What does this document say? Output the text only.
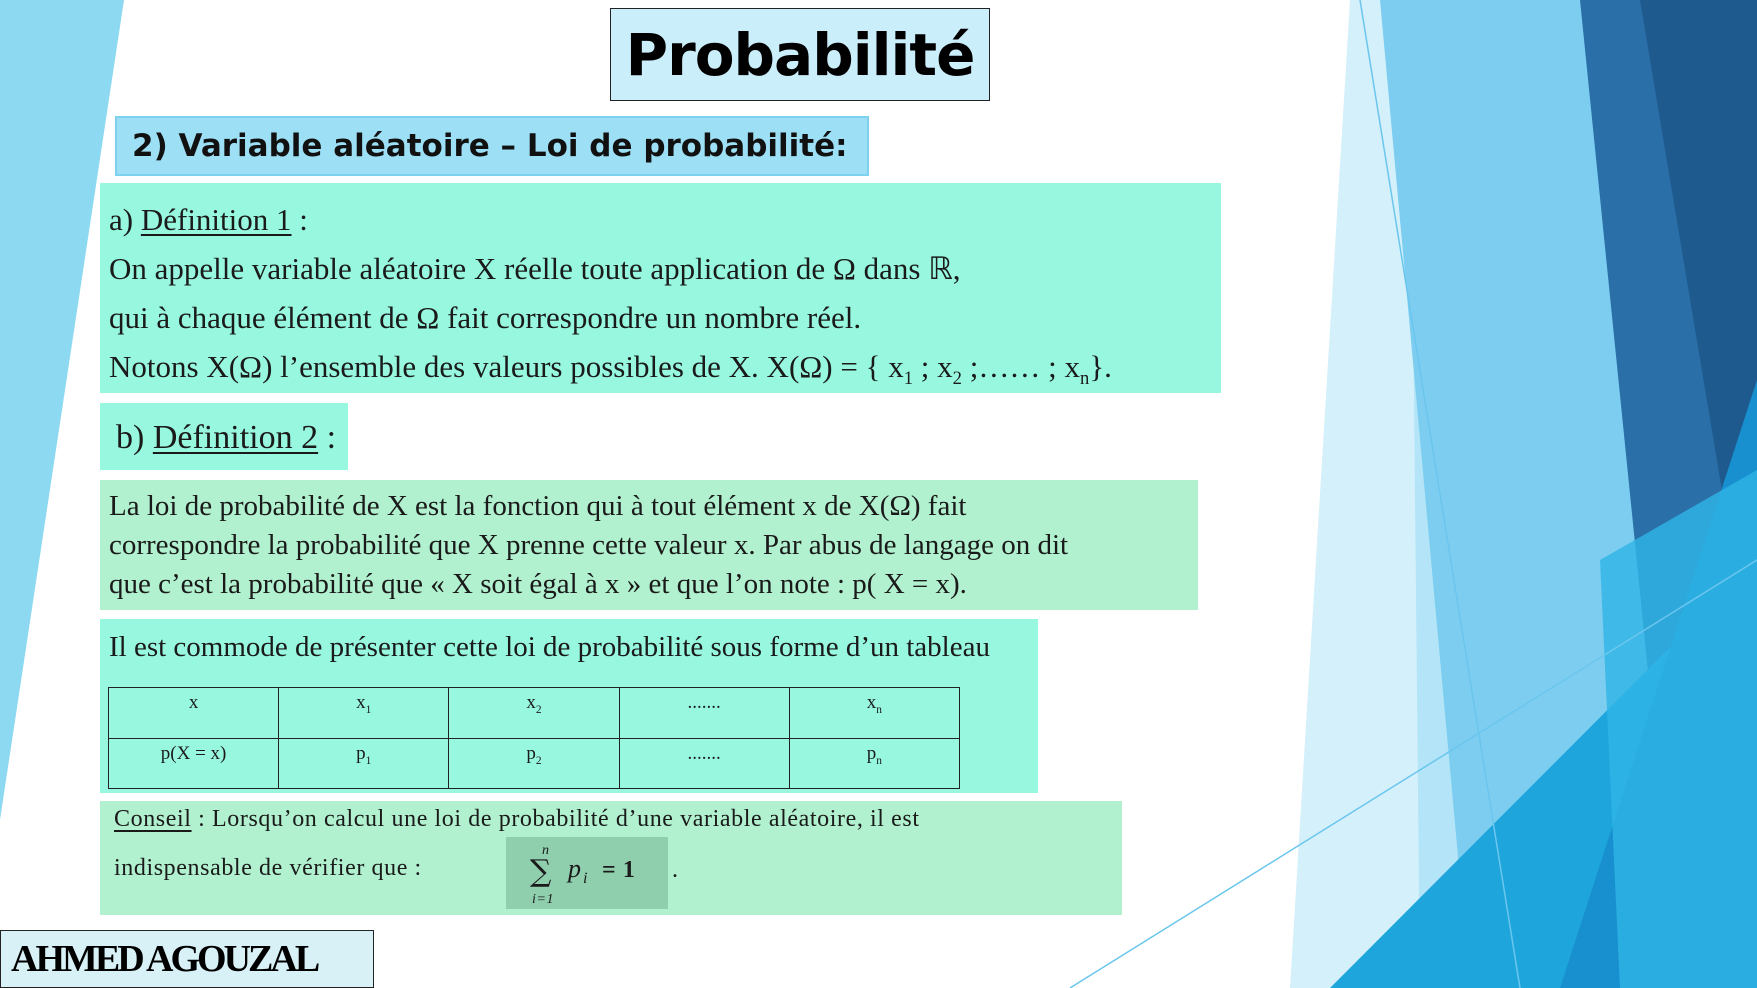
Probabilité
2) Variable aléatoire – Loi de probabilité:
a) Définition 1 :
On appelle variable aléatoire X réelle toute application de Ω dans ℝ,
qui à chaque élément de Ω fait correspondre un nombre réel.
Notons X(Ω) l’ensemble des valeurs possibles de X. X(Ω) = { $x_1$ ; $x_2$ ;…… ; $x_n$}.
b) Définition 2 :
La loi de probabilité de X est la fonction qui à tout élément x de X(Ω) fait
correspondre la probabilité que X prenne cette valeur x. Par abus de langage on dit
que c’est la probabilité que « X soit égal à x » et que l’on note : p( X = x).
Il est commode de présenter cette loi de probabilité sous forme d’un tableau
x	$x_1$	$x_2$	.......	$x_n$
p(X = x)	$p_1$	$p_2$	.......	$p_n$
Conseil : Lorsqu’on calcul une loi de probabilité d’une variable aléatoire, il est
indispensable de vérifier que :
n
∑
i=1
p i = 1 .
AHMED AGOUZAL
